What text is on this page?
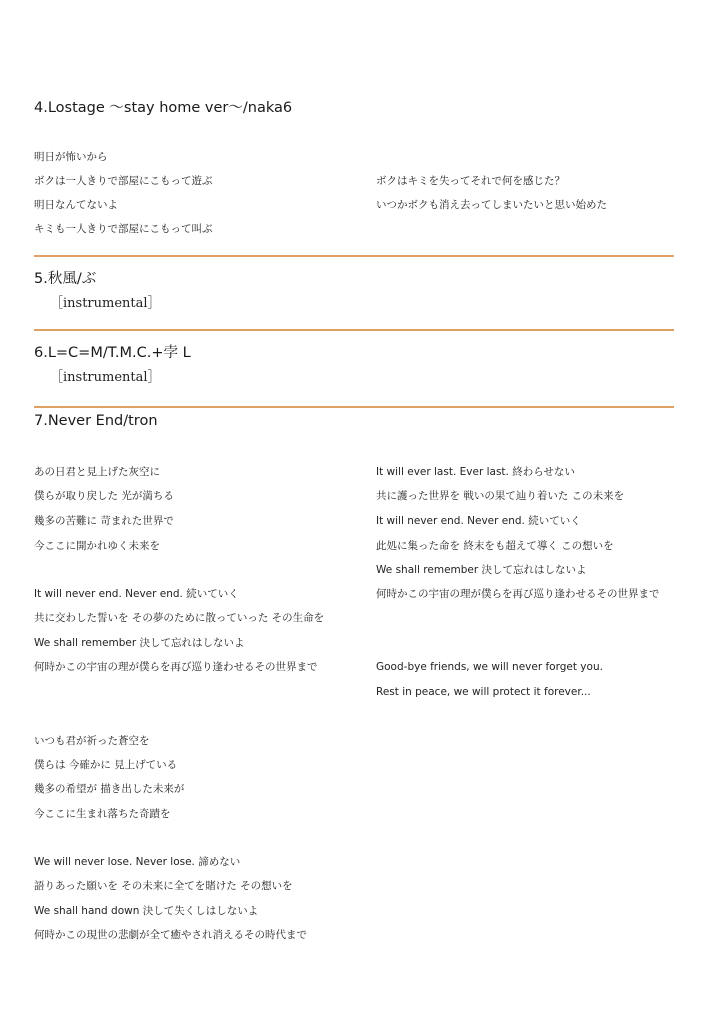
4.Lostage ～stay home ver～/naka6
明日が怖いから
ボクは一人きりで部屋にこもって遊ぶ
明日なんてないよ
キミも一人きりで部屋にこもって叫ぶ
ボクはキミを失ってそれで何を感じた？
いつかボクも消え去ってしまいたいと思い始めた
5.秋風/ぶ
［instrumental］
6.L=C=M/T.M.C.+孛 L
［instrumental］
7.Never End/tron
あの日君と見上げた灰空に
僕らが取り戻した 光が満ちる
幾多の苦難に 苛まれた世界で
今ここに開かれゆく未来を
It will never end. Never end. 続いていく
共に交わした誓いを その夢のために散っていった その生命を
We shall remember 決して忘れはしないよ
何時かこの宇宙の理が僕らを再び巡り逢わせるその世界まで
いつも君が祈った蒼空を
僕らは 今確かに 見上げている
幾多の希望が 描き出した未来が
今ここに生まれ落ちた奇蹟を
We will never lose. Never lose. 諦めない
語りあった願いを その未来に全てを賭けた その想いを
We shall hand down 決して失くしはしないよ
何時かこの現世の悲劇が全て癒やされ消えるその時代まで
It will ever last. Ever last. 終わらせない
共に護った世界を 戦いの果て辿り着いた この未来を
It will never end. Never end. 続いていく
此処に集った命を 終末をも超えて導く この想いを
We shall remember 決して忘れはしないよ
何時かこの宇宙の理が僕らを再び巡り逢わせるその世界まで
Good-bye friends, we will never forget you.
Rest in peace, we will protect it forever...
